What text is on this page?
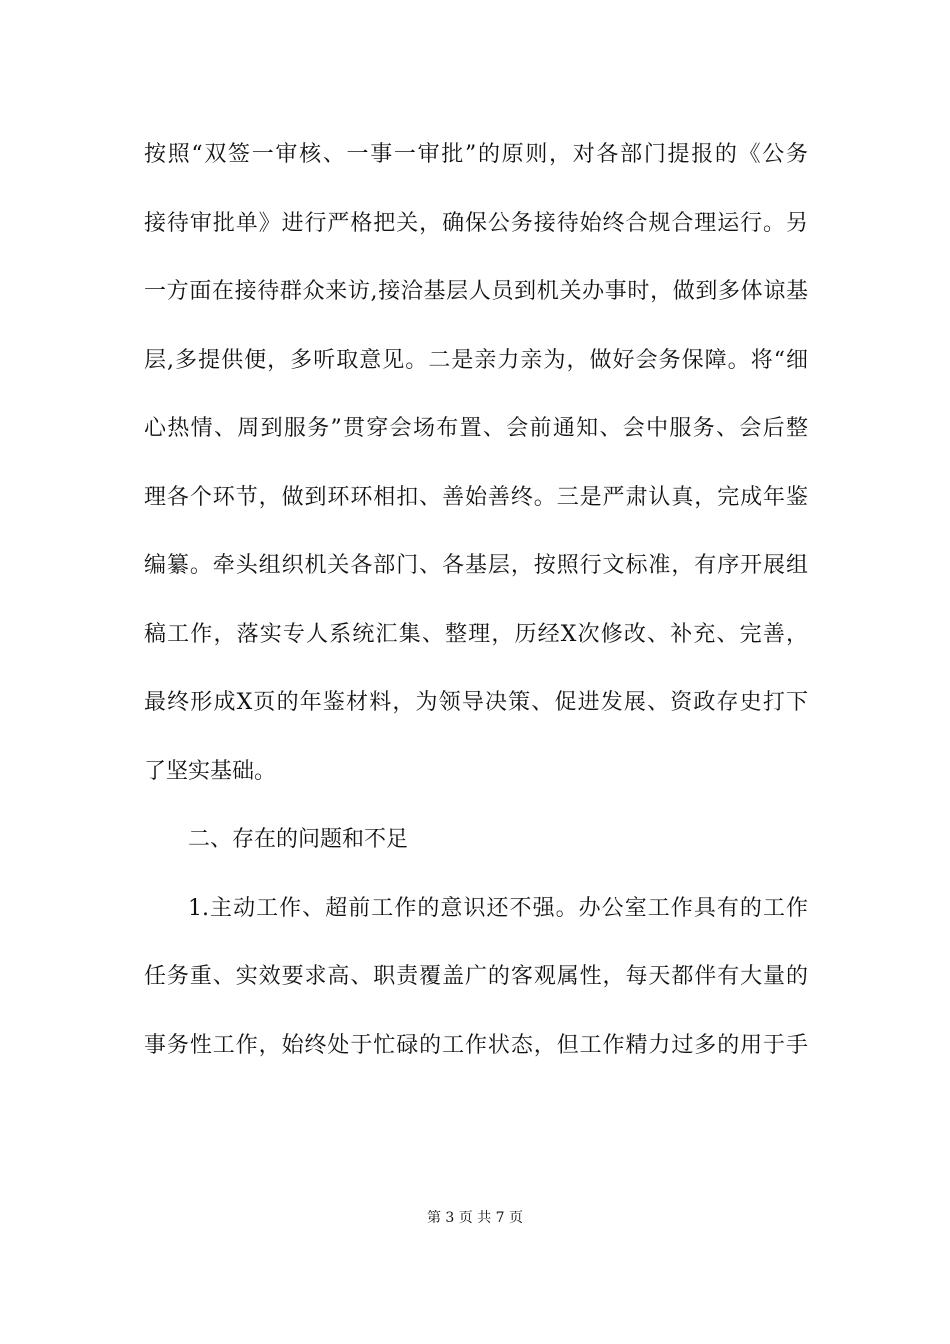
按照“双签一审核、一事一审批”的原则，对各部门提报的《公务
接待审批单》进行严格把关，确保公务接待始终合规合理运行。另
一方面在接待群众来访,接洽基层人员到机关办事时，做到多体谅基
层,多提供便，多听取意见。二是亲力亲为，做好会务保障。将“细
心热情、周到服务”贯穿会场布置、会前通知、会中服务、会后整
理各个环节，做到环环相扣、善始善终。三是严肃认真，完成年鉴
编纂。牵头组织机关各部门、各基层，按照行文标准，有序开展组
稿工作，落实专人系统汇集、整理，历经X次修改、补充、完善，
最终形成X页的年鉴材料，为领导决策、促进发展、资政存史打下
了坚实基础。
二、存在的问题和不足
1.主动工作、超前工作的意识还不强。办公室工作具有的工作
任务重、实效要求高、职责覆盖广的客观属性，每天都伴有大量的
事务性工作，始终处于忙碌的工作状态，但工作精力过多的用于手
第 3 页 共 7 页
